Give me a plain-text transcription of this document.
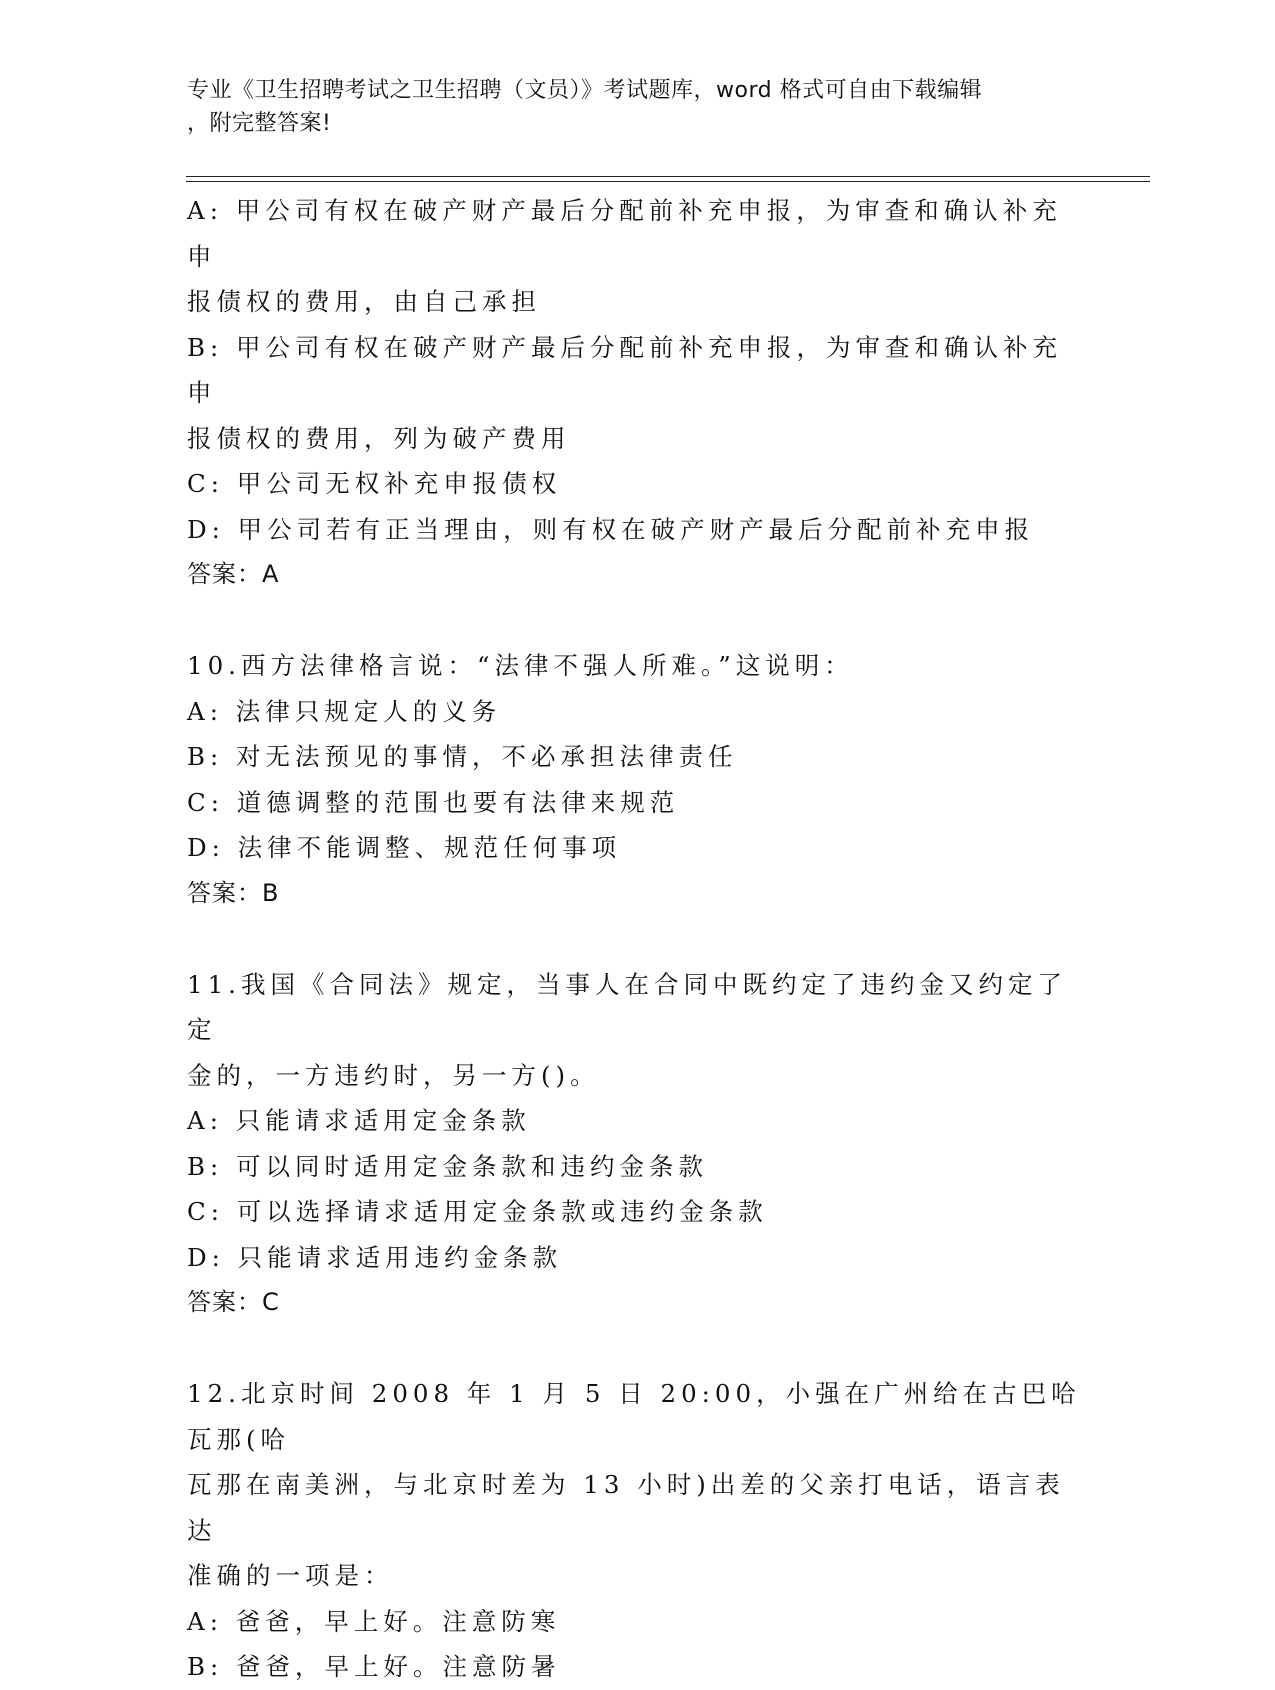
专业《卫生招聘考试之卫生招聘（文员）》考试题库，word 格式可自由下载编辑
，附完整答案!

A: 甲公司有权在破产财产最后分配前补充申报，为审查和确认补充申

报债权的费用，由自己承担

B: 甲公司有权在破产财产最后分配前补充申报，为审查和确认补充申

报债权的费用，列为破产费用

C: 甲公司无权补充申报债权

D: 甲公司若有正当理由，则有权在破产财产最后分配前补充申报

答案：A

10.西方法律格言说：“法律不强人所难。”这说明：

A: 法律只规定人的义务

B: 对无法预见的事情，不必承担法律责任

C: 道德调整的范围也要有法律来规范

D: 法律不能调整、规范任何事项

答案：B

11.我国《合同法》规定，当事人在合同中既约定了违约金又约定了定

金的，一方违约时，另一方()。

A: 只能请求适用定金条款

B: 可以同时适用定金条款和违约金条款

C: 可以选择请求适用定金条款或违约金条款

D: 只能请求适用违约金条款

答案：C

12.北京时间 2008 年 1 月 5 日 20:00，小强在广州给在古巴哈瓦那(哈

瓦那在南美洲，与北京时差为 13 小时)出差的父亲打电话，语言表达

准确的一项是：

A: 爸爸，早上好。注意防寒

B: 爸爸，早上好。注意防暑
